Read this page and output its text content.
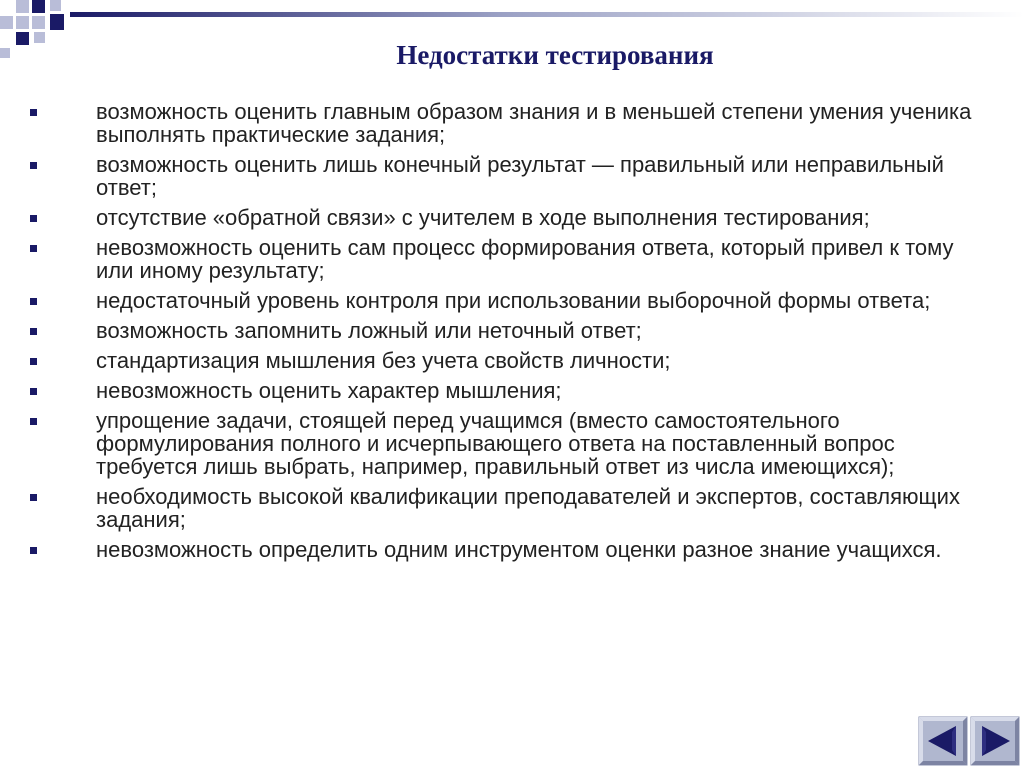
Недостатки тестирования
возможность оценить главным образом знания и в меньшей степени умения ученика выполнять практические задания;
возможность оценить лишь конечный результат — правильный или неправильный ответ;
отсутствие «обратной связи» с учителем в ходе выполнения тестирования;
невозможность оценить сам процесс формирования ответа, который привел к тому или иному результату;
недостаточный уровень контроля при использовании выборочной формы ответа;
возможность запомнить ложный или неточный ответ;
стандартизация мышления без учета свойств личности;
невозможность оценить характер мышления;
упрощение задачи, стоящей перед учащимся (вместо самостоятельного формулирования полного и исчерпывающего ответа на поставленный вопрос требуется лишь выбрать, например, правильный ответ из числа имеющихся);
необходимость высокой квалификации преподавателей и экспертов, составляющих задания;
невозможность определить одним инструментом оценки разное знание учащихся.
